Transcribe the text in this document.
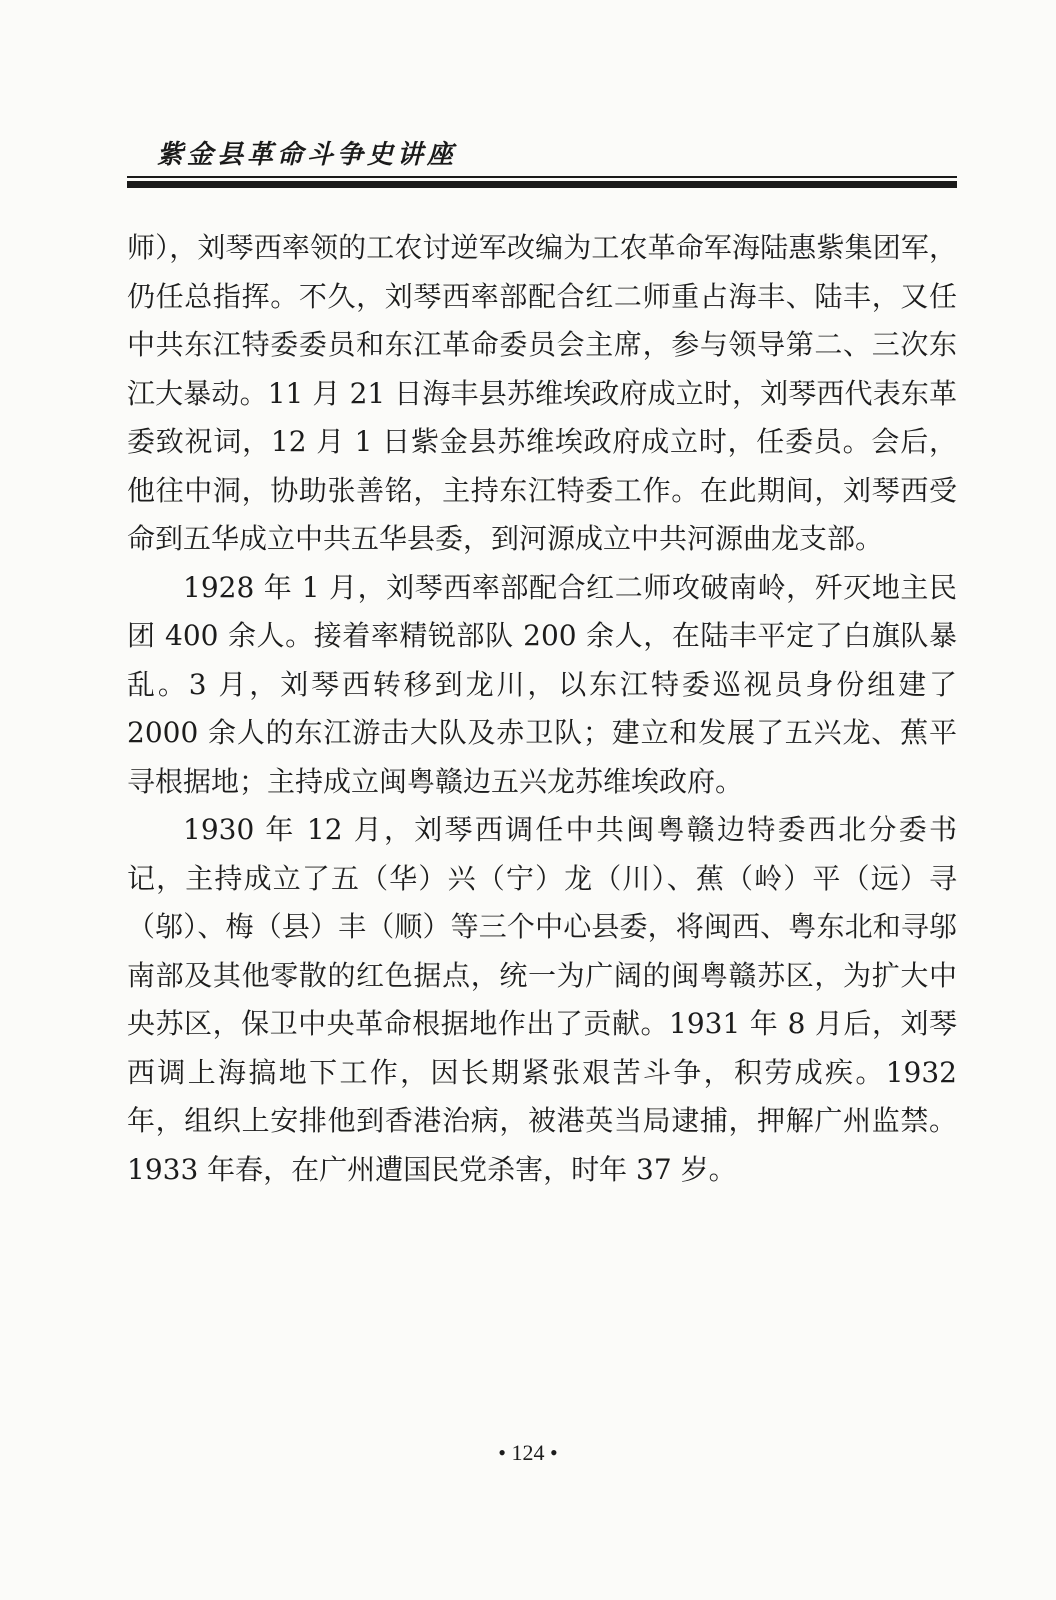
紫金县革命斗争史讲座

师），刘琴西率领的工农讨逆军改编为工农革命军海陆惠紫集团军，仍任总指挥。不久，刘琴西率部配合红二师重占海丰、陆丰，又任中共东江特委委员和东江革命委员会主席，参与领导第二、三次东江大暴动。11 月 21 日海丰县苏维埃政府成立时，刘琴西代表东革委致祝词，12 月 1 日紫金县苏维埃政府成立时，任委员。会后，他往中洞，协助张善铭，主持东江特委工作。在此期间，刘琴西受命到五华成立中共五华县委，到河源成立中共河源曲龙支部。

1928 年 1 月，刘琴西率部配合红二师攻破南岭，歼灭地主民团 400 余人。接着率精锐部队 200 余人，在陆丰平定了白旗队暴乱。3 月，刘琴西转移到龙川，以东江特委巡视员身份组建了 2000 余人的东江游击大队及赤卫队；建立和发展了五兴龙、蕉平寻根据地；主持成立闽粤赣边五兴龙苏维埃政府。

1930 年 12 月，刘琴西调任中共闽粤赣边特委西北分委书记，主持成立了五（华）兴（宁）龙（川）、蕉（岭）平（远）寻（邬）、梅（县）丰（顺）等三个中心县委，将闽西、粤东北和寻邬南部及其他零散的红色据点，统一为广阔的闽粤赣苏区，为扩大中央苏区，保卫中央革命根据地作出了贡献。1931 年 8 月后，刘琴西调上海搞地下工作，因长期紧张艰苦斗争，积劳成疾。1932 年，组织上安排他到香港治病，被港英当局逮捕，押解广州监禁。1933 年春，在广州遭国民党杀害，时年 37 岁。

• 124 •
